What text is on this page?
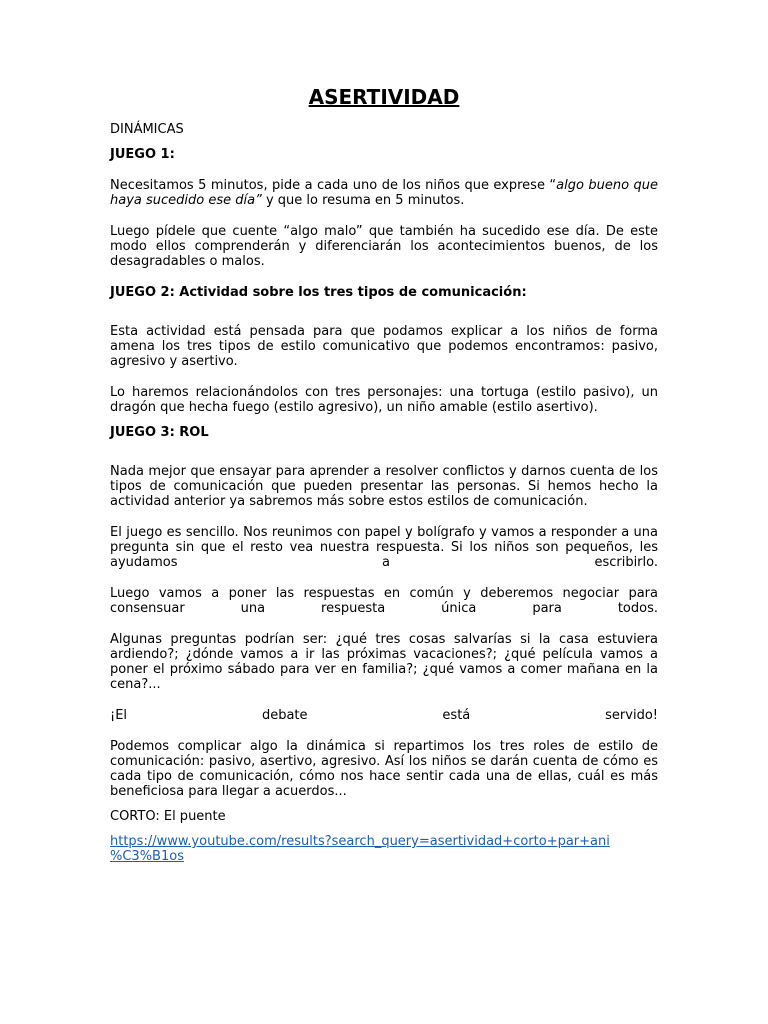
ASERTIVIDAD

DINÁMICAS

JUEGO 1:

Necesitamos 5 minutos, pide a cada uno de los niños que exprese “algo bueno que haya sucedido ese día” y que lo resuma en 5 minutos.

Luego pídele que cuente “algo malo” que también ha sucedido ese día. De este modo ellos comprenderán y diferenciarán los acontecimientos buenos, de los desagradables o malos.

JUEGO 2: Actividad sobre los tres tipos de comunicación:

Esta actividad está pensada para que podamos explicar a los niños de forma amena los tres tipos de estilo comunicativo que podemos encontramos: pasivo, agresivo y asertivo.

Lo haremos relacionándolos con tres personajes: una tortuga (estilo pasivo), un dragón que hecha fuego (estilo agresivo), un niño amable (estilo asertivo).

JUEGO 3: ROL

Nada mejor que ensayar para aprender a resolver conflictos y darnos cuenta de los tipos de comunicación que pueden presentar las personas. Si hemos hecho la actividad anterior ya sabremos más sobre estos estilos de comunicación.

El juego es sencillo. Nos reunimos con papel y bolígrafo y vamos a responder a una pregunta sin que el resto vea nuestra respuesta. Si los niños son pequeños, les ayudamos a escribirlo.

Luego vamos a poner las respuestas en común y deberemos negociar para consensuar una respuesta única para todos.

Algunas preguntas podrían ser: ¿qué tres cosas salvarías si la casa estuviera ardiendo?; ¿dónde vamos a ir las próximas vacaciones?; ¿qué película vamos a poner el próximo sábado para ver en familia?; ¿qué vamos a comer mañana en la cena?...

¡El debate está servido!

Podemos complicar algo la dinámica si repartimos los tres roles de estilo de comunicación: pasivo, asertivo, agresivo. Así los niños se darán cuenta de cómo es cada tipo de comunicación, cómo nos hace sentir cada una de ellas, cuál es más beneficiosa para llegar a acuerdos...

CORTO: El puente

https://www.youtube.com/results?search_query=asertividad+corto+par+ani
%C3%B1os
